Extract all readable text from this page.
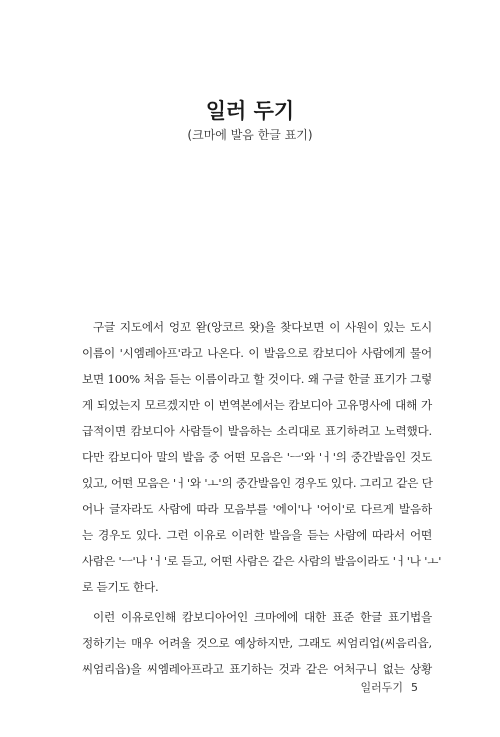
일러 두기
(크마에 발음 한글 표기)
구글 지도에서 엉꼬 왇(앙코르 왓)을 찾다보면 이 사원이 있는 도시
이름이 '시엠레아프'라고 나온다. 이 발음으로 캄보디아 사람에게 물어
보면 100% 처음 듣는 이름이라고 할 것이다. 왜 구글 한글 표기가 그렇
게 되었는지 모르겠지만 이 번역본에서는 캄보디아 고유명사에 대해 가
급적이면 캄보디아 사람들이 발음하는 소리대로 표기하려고 노력했다.
다만 캄보디아 말의 발음 중 어떤 모음은 'ㅡ'와 'ㅓ'의 중간발음인 것도
있고, 어떤 모음은 'ㅓ'와 'ㅗ'의 중간발음인 경우도 있다. 그리고 같은 단
어나 글자라도 사람에 따라 모음부를 '에이'나 '어이'로 다르게 발음하
는 경우도 있다. 그런 이유로 이러한 발음을 듣는 사람에 따라서 어떤
사람은 'ㅡ'나 'ㅓ'로 듣고, 어떤 사람은 같은 사람의 발음이라도 'ㅓ'나 'ㅗ'
로 듣기도 한다.
이런 이유로인해 캄보디아어인 크마에에 대한 표준 한글 표기법을
정하기는 매우 어려울 것으로 예상하지만, 그래도 씨엄리업(씨음리읍,
씨엄리읍)을 씨엠레아프라고 표기하는 것과 같은 어처구니 없는 상황
일러두기 5
